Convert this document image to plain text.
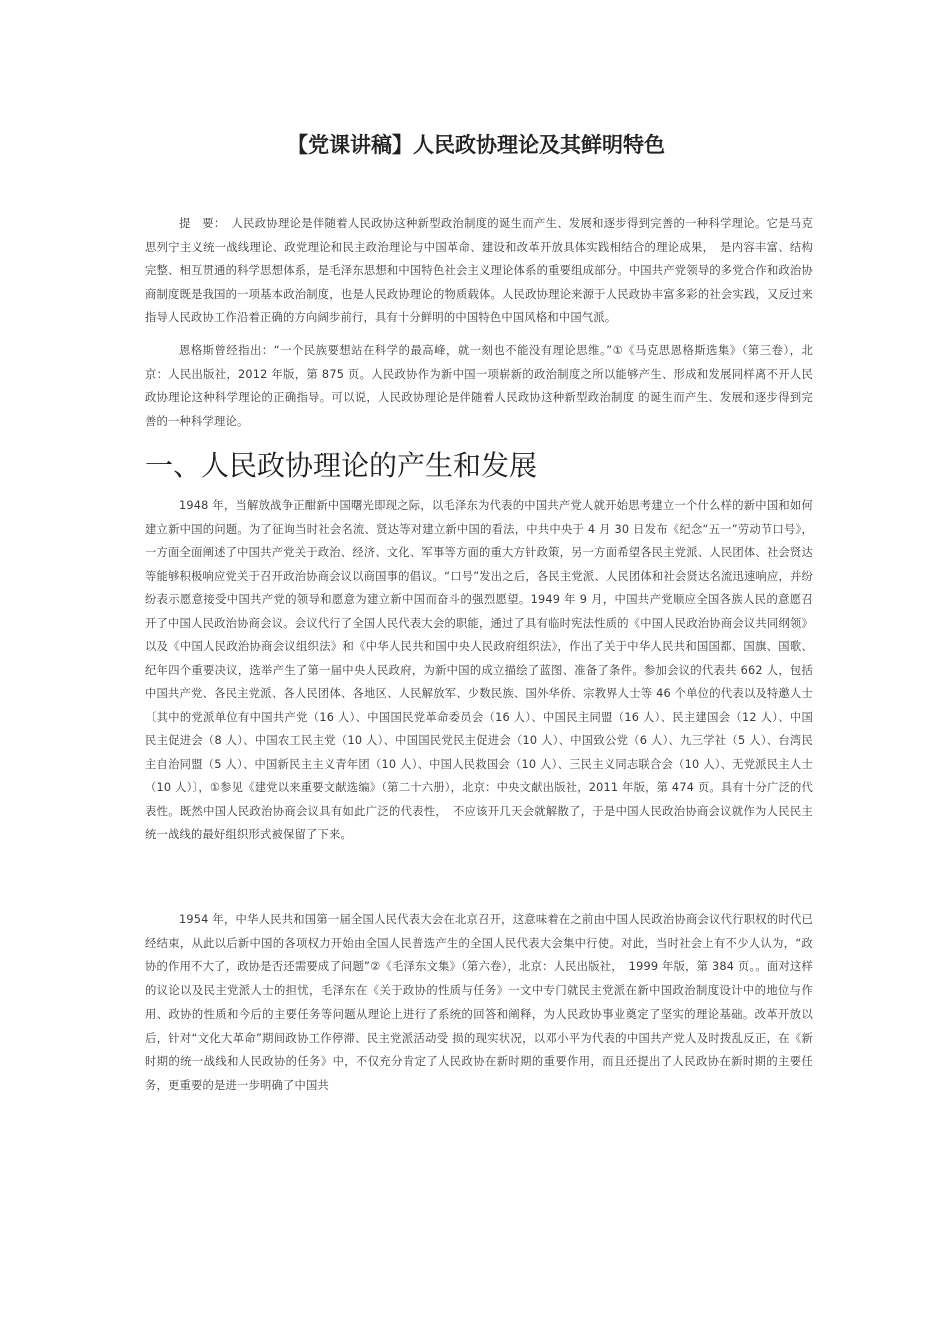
【党课讲稿】人民政协理论及其鲜明特色

提　要：　人民政协理论是伴随着人民政协这种新型政治制度的诞生而产生、发展和逐步得到完善的一种科学理论。它是马克思列宁主义统一战线理论、政党理论和民主政治理论与中国革命、建设和改革开放具体实践相结合的理论成果，　是内容丰富、结构完整、相互贯通的科学思想体系，是毛泽东思想和中国特色社会主义理论体系的重要组成部分。中国共产党领导的多党合作和政治协商制度既是我国的一项基本政治制度，也是人民政协理论的物质载体。人民政协理论来源于人民政协丰富多彩的社会实践，又反过来指导人民政协工作沿着正确的方向阔步前行，具有十分鲜明的中国特色中国风格和中国气派。

恩格斯曾经指出：“一个民族要想站在科学的最高峰，就一刻也不能没有理论思维。”①《马克思恩格斯选集》（第三卷），北京：人民出版社，2012 年版，第 875 页。人民政协作为新中国一项崭新的政治制度之所以能够产生、形成和发展同样离不开人民政协理论这种科学理论的正确指导。可以说，人民政协理论是伴随着人民政协这种新型政治制度 的诞生而产生、发展和逐步得到完善的一种科学理论。

一、人民政协理论的产生和发展

1948 年，当解放战争正酣新中国曙光即现之际，以毛泽东为代表的中国共产党人就开始思考建立一个什么样的新中国和如何建立新中国的问题。为了征询当时社会名流、贤达等对建立新中国的看法，中共中央于 4 月 30 日发布《纪念“五一”劳动节口号》，一方面全面阐述了中国共产党关于政治、经济、文化、军事等方面的重大方针政策，另一方面希望各民主党派、人民团体、社会贤达等能够积极响应党关于召开政治协商会议以商国事的倡议。“口号”发出之后，各民主党派、人民团体和社会贤达名流迅速响应，并纷纷表示愿意接受中国共产党的领导和愿意为建立新中国而奋斗的强烈愿望。1949 年 9 月，中国共产党顺应全国各族人民的意愿召开了中国人民政治协商会议。会议代行了全国人民代表大会的职能，通过了具有临时宪法性质的《中国人民政治协商会议共同纲领》以及《中国人民政治协商会议组织法》和《中华人民共和国中央人民政府组织法》，作出了关于中华人民共和国国都、国旗、国歌、纪年四个重要决议，选举产生了第一届中央人民政府，为新中国的成立描绘了蓝图、准备了条件。参加会议的代表共 662 人，包括中国共产党、各民主党派、各人民团体、各地区、人民解放军、少数民族、国外华侨、宗教界人士等 46 个单位的代表以及特邀人士〔其中的党派单位有中国共产党（16 人）、中国国民党革命委员会（16 人）、中国民主同盟（16 人）、民主建国会（12 人）、中国民主促进会（8 人）、中国农工民主党（10 人）、中国国民党民主促进会（10 人）、中国致公党（6 人）、九三学社（5 人）、台湾民主自治同盟（5 人）、中国新民主主义青年团（10 人）、中国人民救国会（10 人）、三民主义同志联合会（10 人）、无党派民主人士（10 人）〕，①参见《建党以来重要文献选编》（第二十六册），北京：中央文献出版社，2011 年版，第 474 页。具有十分广泛的代表性。既然中国人民政治协商会议具有如此广泛的代表性，　不应该开几天会就解散了，于是中国人民政治协商会议就作为人民民主统一战线的最好组织形式被保留了下来。

1954 年，中华人民共和国第一届全国人民代表大会在北京召开，这意味着在之前由中国人民政治协商会议代行职权的时代已经结束，从此以后新中国的各项权力开始由全国人民普选产生的全国人民代表大会集中行使。对此，当时社会上有不少人认为，“政协的作用不大了，政协是否还需要成了问题”②《毛泽东文集》（第六卷），北京：人民出版社，　1999 年版，第 384 页。。面对这样的议论以及民主党派人士的担忧，毛泽东在《关于政协的性质与任务》一文中专门就民主党派在新中国政治制度设计中的地位与作用、政协的性质和今后的主要任务等问题从理论上进行了系统的回答和阐释，为人民政协事业奠定了坚实的理论基础。改革开放以后，针对“文化大革命”期间政协工作停滞、民主党派活动受 损的现实状况，以邓小平为代表的中国共产党人及时拨乱反正，在《新时期的统一战线和人民政协的任务》中，不仅充分肯定了人民政协在新时期的重要作用，而且还提出了人民政协在新时期的主要任务，更重要的是进一步明确了中国共
